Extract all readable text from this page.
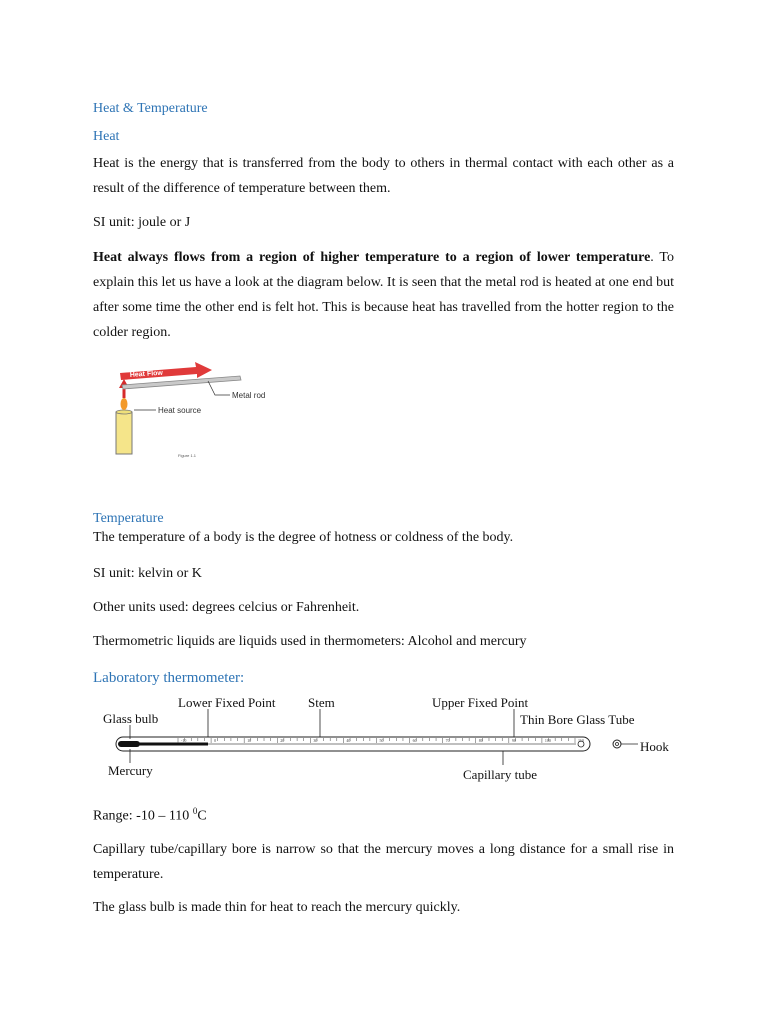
Heat & Temperature
Heat
Heat is the energy that is transferred from the body to others in thermal contact with each other as a result of the difference of temperature between them.
SI unit: joule or J
Heat always flows from a region of higher temperature to a region of lower temperature. To explain this let us have a look at the diagram below. It is seen that the metal rod is heated at one end but after some time the other end is felt hot. This is because heat has travelled from the hotter region to the colder region.
Heat Flow
Metal rod
Heat source
Figure 1.1
Temperature
The temperature of a body is the degree of hotness or coldness of the body.
SI unit: kelvin or K
Other units used: degrees celcius or Fahrenheit.
Thermometric liquids are liquids used in thermometers: Alcohol and mercury
Laboratory thermometer:
Range: -10 – 110 $^0$C
Capillary tube/capillary bore is narrow so that the mercury moves a long distance for a small rise in temperature.
The glass bulb is made thin for heat to reach the mercury quickly.
-10	0	10	20	30	40	50	60	70	80	90	100	110
Lower Fixed Point	Stem	Upper Fixed Point
Glass bulb	Thin Bore Glass Tube
Hook
Mercury	Capillary tube
